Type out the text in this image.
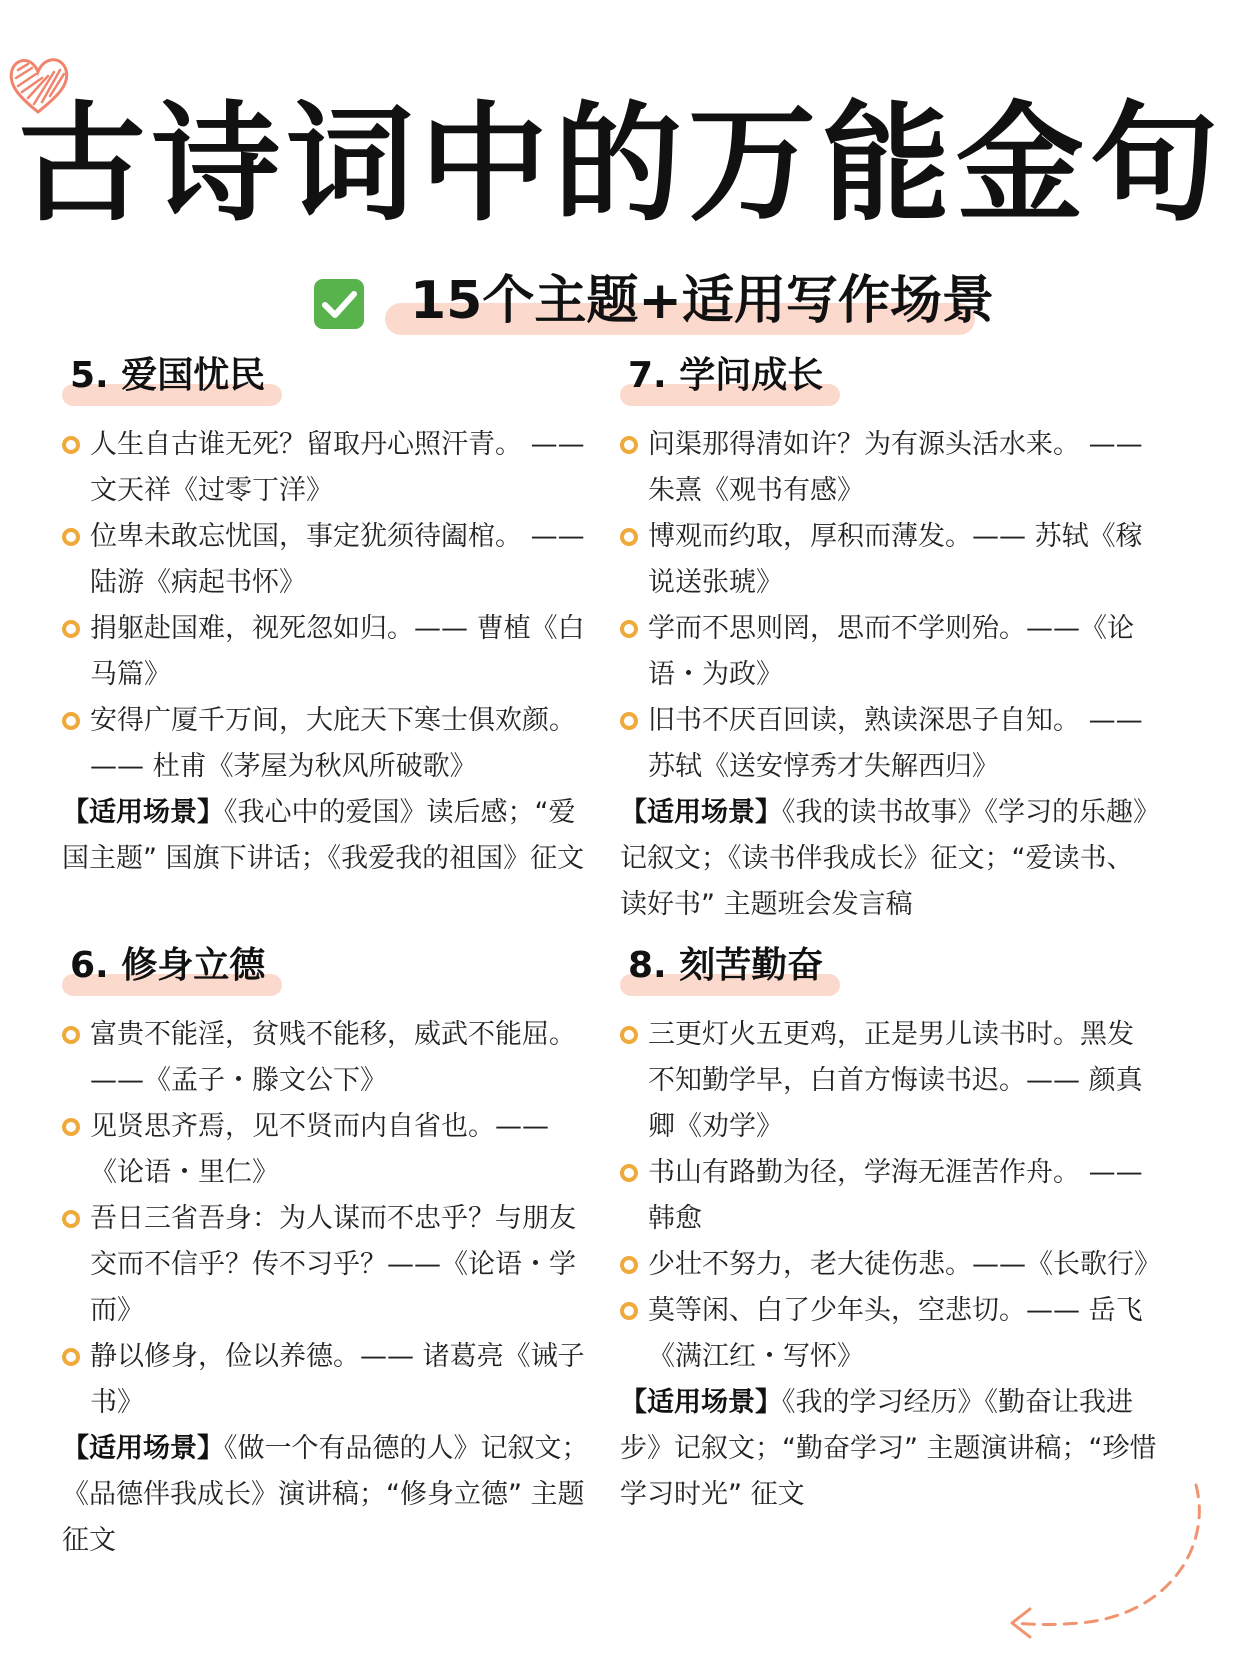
古诗词中的万能金句
15个主题+适用写作场景
5. 爱国忧民
人生自古谁无死？留取丹心照汗青。 —— 文天祥《过零丁洋》
位卑未敢忘忧国，事定犹须待阖棺。 —— 陆游《病起书怀》
捐躯赴国难，视死忽如归。—— 曹植《白马篇》
安得广厦千万间，大庇天下寒士俱欢颜。—— 杜甫《茅屋为秋风所破歌》
【适用场景】《我心中的爱国》读后感；“爱国主题” 国旗下讲话；《我爱我的祖国》征文
6. 修身立德
富贵不能淫，贫贱不能移，威武不能屈。——《孟子・滕文公下》
见贤思齐焉，见不贤而内自省也。——《论语・里仁》
吾日三省吾身：为人谋而不忠乎？与朋友交而不信乎？传不习乎？——《论语・学而》
静以修身，俭以养德。—— 诸葛亮《诫子书》
【适用场景】《做一个有品德的人》记叙文；《品德伴我成长》演讲稿；“修身立德” 主题征文
7. 学问成长
问渠那得清如许？为有源头活水来。 —— 朱熹《观书有感》
博观而约取，厚积而薄发。—— 苏轼《稼说送张琥》
学而不思则罔，思而不学则殆。——《论语・为政》
旧书不厌百回读，熟读深思子自知。 —— 苏轼《送安惇秀才失解西归》
【适用场景】《我的读书故事》《学习的乐趣》记叙文；《读书伴我成长》征文；“爱读书、读好书” 主题班会发言稿
8. 刻苦勤奋
三更灯火五更鸡，正是男儿读书时。黑发不知勤学早，白首方悔读书迟。—— 颜真卿《劝学》
书山有路勤为径，学海无涯苦作舟。 —— 韩愈
少壮不努力，老大徒伤悲。——《长歌行》
莫等闲、白了少年头，空悲切。—— 岳飞《满江红・写怀》
【适用场景】《我的学习经历》《勤奋让我进步》记叙文；“勤奋学习” 主题演讲稿；“珍惜学习时光” 征文
